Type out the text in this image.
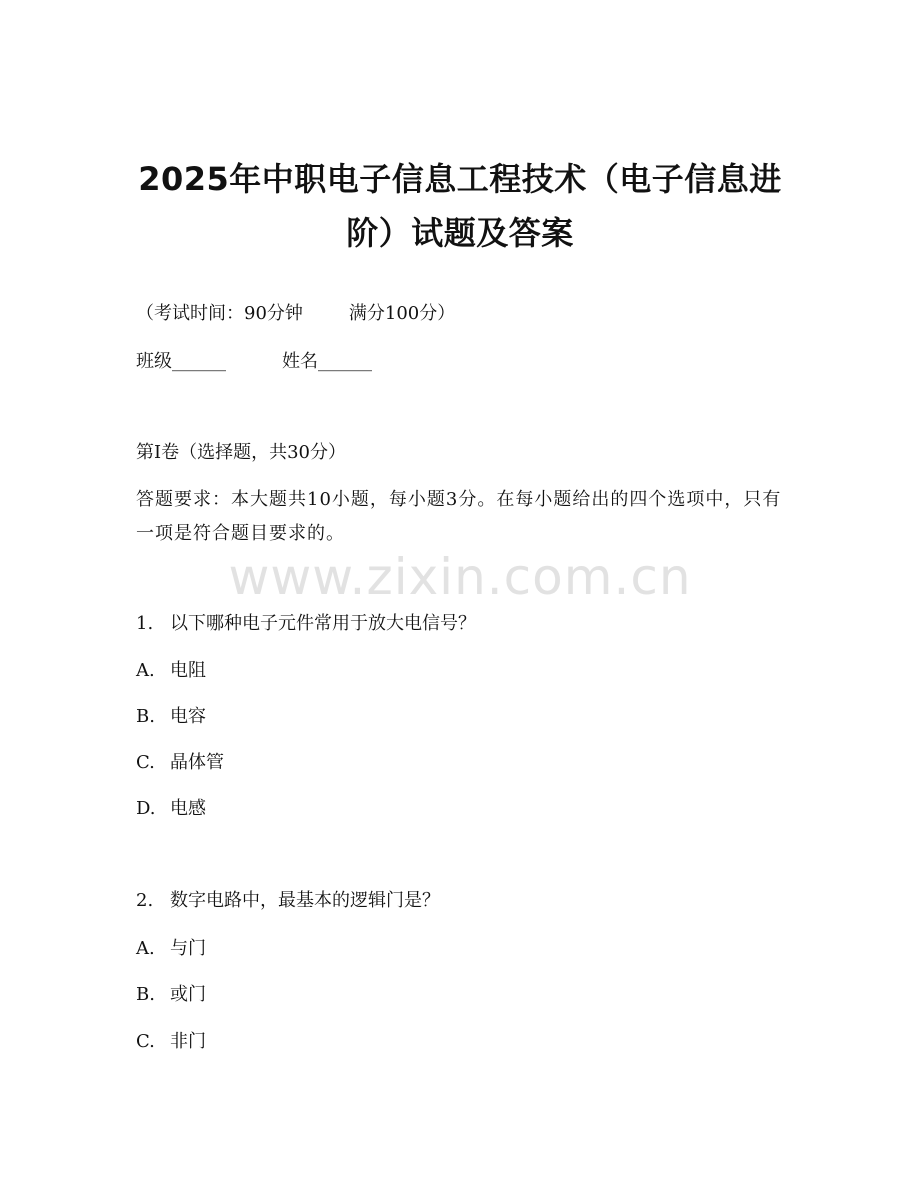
www.zixin.com.cn
2025年中职电子信息工程技术（电子信息进
阶）试题及答案
（考试时间：90分钟	满分100分）
班级______	姓名______
第I卷（选择题，共30分）
答题要求：本大题共10小题，每小题3分。在每小题给出的四个选项中，只有一项是符合题目要求的。
1. 以下哪种电子元件常用于放大电信号？
A. 电阻
B. 电容
C. 晶体管
D. 电感
2. 数字电路中，最基本的逻辑门是？
A. 与门
B. 或门
C. 非门
